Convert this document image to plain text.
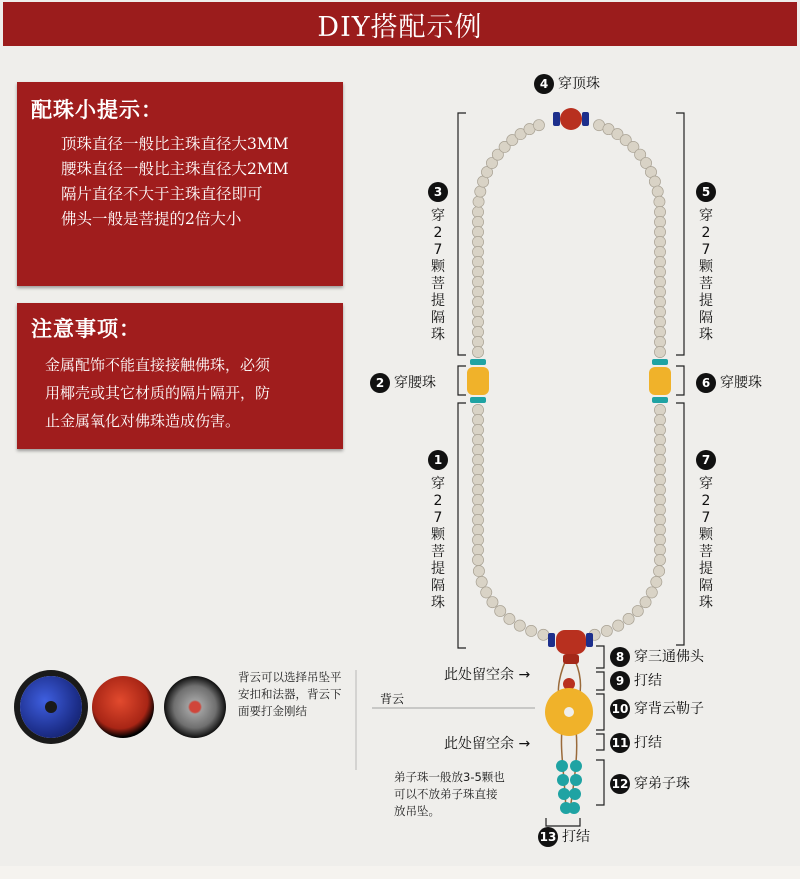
DIY搭配示例
配珠小提示：
顶珠直径一般比主珠直径大3MM
腰珠直径一般比主珠直径大2MM
隔片直径不大于主珠直径即可
佛头一般是菩提的2倍大小
注意事项：
金属配饰不能直接接触佛珠，必须
用椰壳或其它材质的隔片隔开，防
止金属氧化对佛珠造成伤害。
4 穿顶珠
3
穿27颗菩提隔珠
5
穿27颗菩提隔珠
1
穿27颗菩提隔珠
7
穿27颗菩提隔珠
2 穿腰珠	6 穿腰珠
8 穿三通佛头
9 打结
10 穿背云勒子
11 打结
12 穿弟子珠
13 打结
此处留空余 →
此处留空余 →
背云
背云可以选择吊坠平安扣和法器，背云下面要打金刚结
弟子珠一般放3-5颗也可以不放弟子珠直接放吊坠。
